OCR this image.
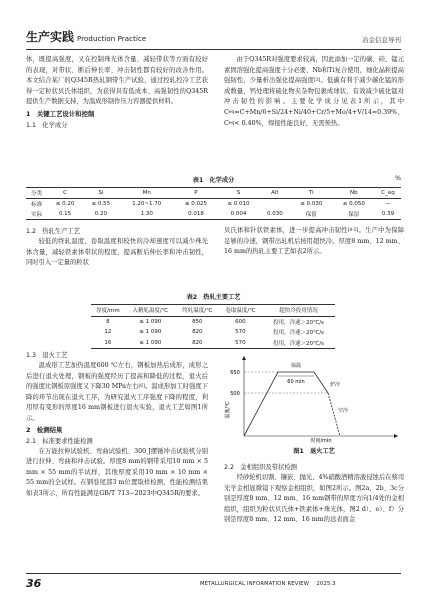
生产实践 Production Practice	冶金信息导刊

体，既提高强度，又在控制珠光体含量、减轻带状等方面有较好的表现，对带状、断后伸长率、冲击韧性都有较好的改善作用。本文结合某厂的Q345R热轧钢带生产试验，通过控轧控冷工艺获得一定粒状贝氏体组织，为获得具有低成本、高强韧性的Q345R提供生产数据支持，为温成形制作压力容器提供材料。

1　关键工艺设计和控制

1.1　化学成分

由于Q345R对强度要求较高，因此添加一定的碳、硅、锰元素固溶强化提高强度十分必要，Nb和Ti复合使用，细化晶粒提高强韧性，少量析出强化提高强度[3]。低碳有利于减少碳化锰的形成数量，钙处理将硫化物夹杂物包裹成球状，有效减少硫化锰对冲击韧性的影响。主要化学成分见表1所示，其中$C^{eq}=C+Mn/6+Si/24+Ni/40+Cr/5+Mo/4+V/14\approx 0.39\%$，$C^{eq}< 0.40\%$，焊接性能良好，无需预热。

表1　化学成分	%
分类	C	Si	Mn	P	S	Alt	Ti	Nb	C_eq
标准	≤ 0.20	≤ 0.55	1.20~1.70	≤ 0.025	≤ 0.010		≤ 0.030	≤ 0.050	—
实际	0.15	0.20	1.30	0.018	0.004	0.030	保留	保留	0.39

1.2　热轧生产工艺

较低的终轧温度、卷取温度和较快的冷却速度可以减少珠光体含量，减轻铁素体带状的程度，提高断后伸长率和冲击韧性，同时引入一定量的粒状

贝氏体和针状铁素体，进一步提高冲击韧性[4-5]。生产中为保障足够的冷速，钢带出轧机后按用超快冷。厚度8 mm、12 mm、16 mm的热轧主要工艺如表2所示。

表2　热轧主要工艺
厚度/mm	入精轧温度/℃	终轧温度/℃	卷取温度/℃	超快冷投用情况
8	≤ 1 090	850	600	投用，冷速＞20℃/s
12	≤ 1 090	820	570	投用，冷速＞20℃/s
16	≤ 1 090	820	570	投用，冷速＞20℃/s

1.3　退火工艺

温成形工艺加热温度600 ℃左右，钢板加热后成形，成形之后进行退火处理，钢板的强度经历了提高和降低的过程，退火后的强度比钢板原强度又下降30 MPa左右[6]。温成形加工时强度下降的环节出现在退火工序，为研究退火工序强度下降的程度，利用厚有变形的厚度16 mm钢板进行退火实验，退火工艺如图1所示。

2　检测结果

2.1　标准要求性能检测

在万能拉伸试验机、弯曲试验机、300 J摆锤冲击试验机分别进行拉伸、弯曲和冲击试验。厚度8 mm的钢带采用10 mm × 5 mm × 55 mm的半试样，其他厚度采用10 mm × 10 mm × 55 mm的全试样。在钢卷尾部3 m位置取样检测，性能检测结果如表3所示，所有性能满足GB/T 713−2023中Q345R的要求。

650
500
温度/℃
保温
60 min	炉冷
空冷
时间/min
图1　退火工艺

2.2　金相组织及带状检测

经砂轮机切割、镶嵌、抛光、4%硝酸酒精溶液侵蚀后在蔡司光学金相显微镜下观察金相组织，如图2所示。图2a、2b、3c分别是厚度8 mm、12 mm、16 mm钢带的厚度方向1/4处的金相组织，组织为粒状贝氏体+铁素体+珠光体，图2 d）、e）、f）分别是厚度8 mm、12 mm、16 mm的远表面金

36	METALLURGICAL INFORMATION REVIEW 2025.3
